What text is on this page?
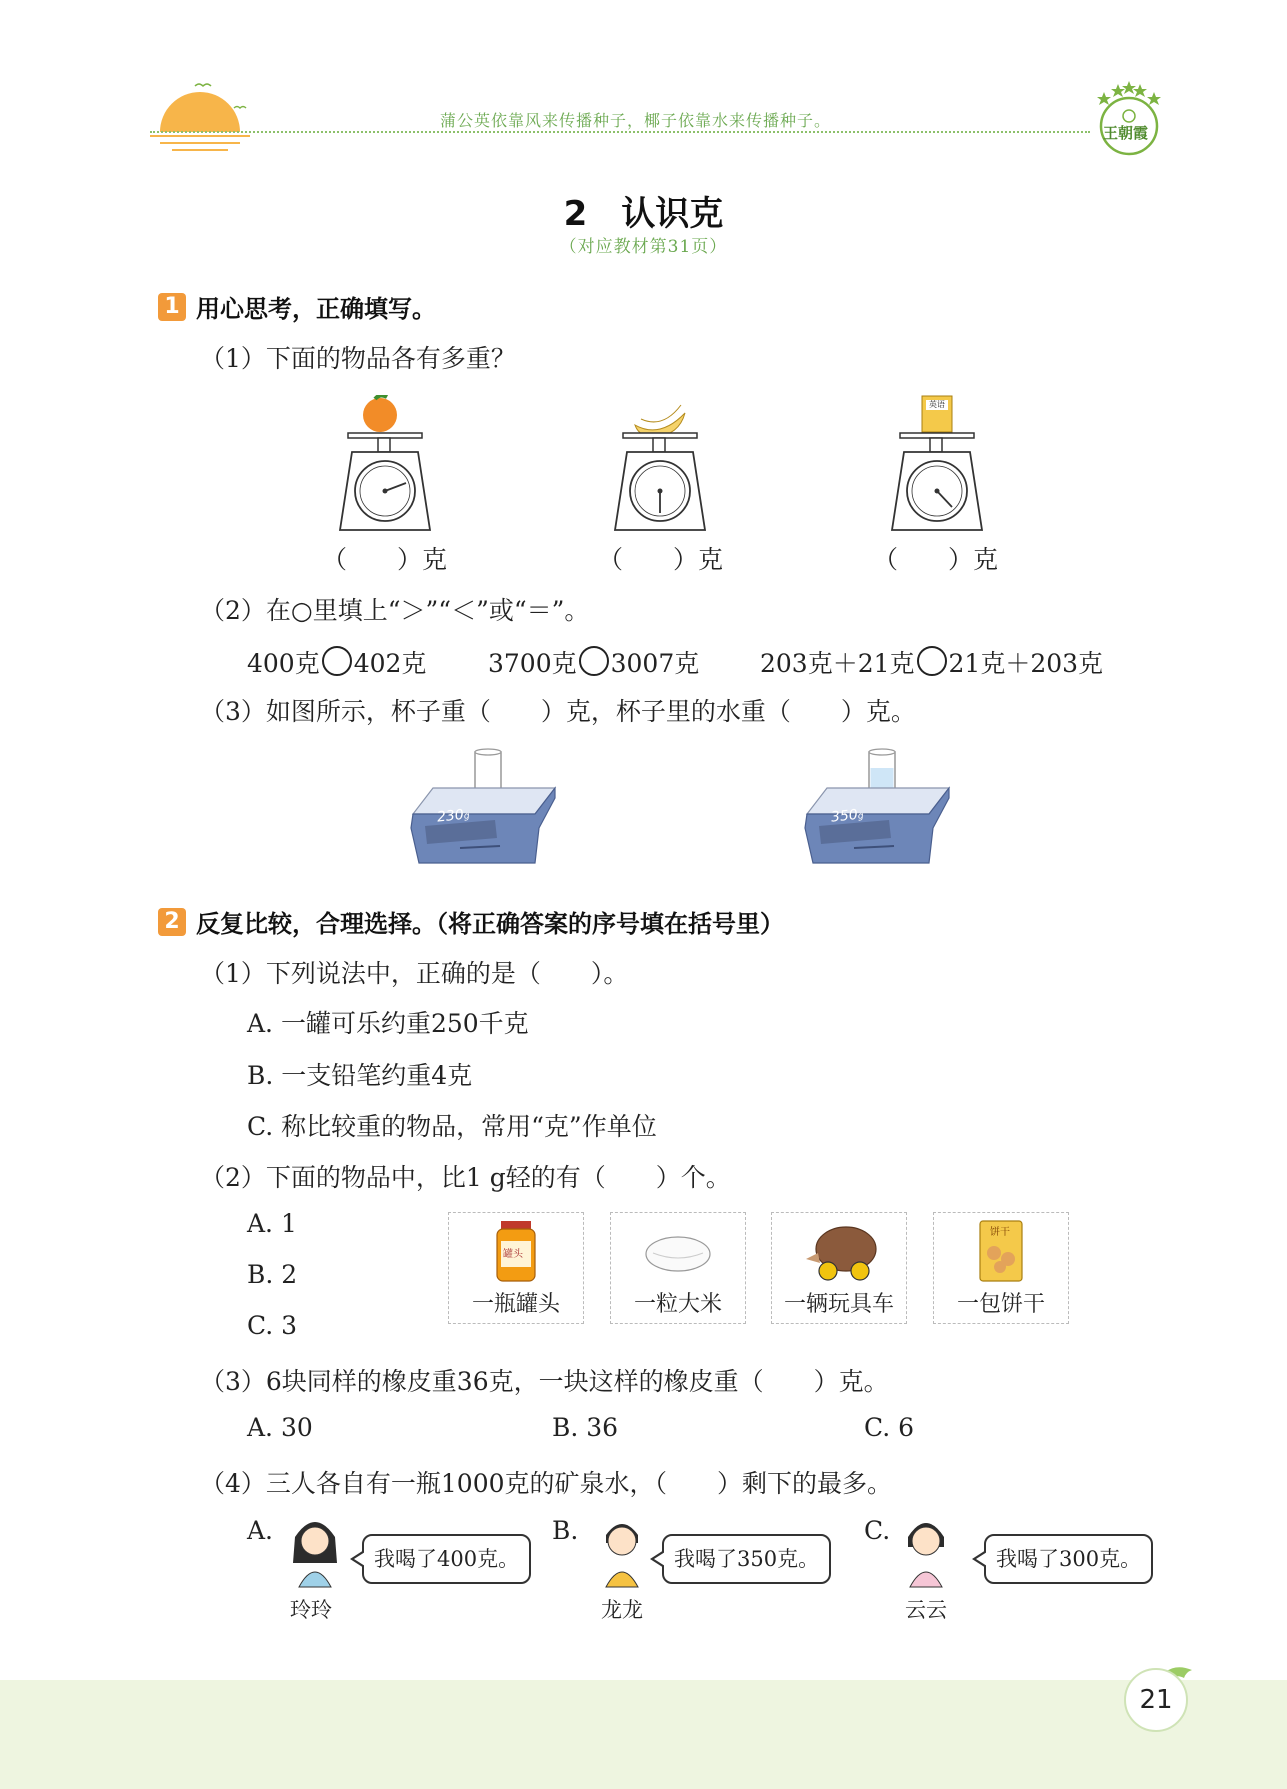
蒲公英依靠风来传播种子，椰子依靠水来传播种子。
王朝霞
2　认识克
（对应教材第31页）
1 用心思考，正确填写。
（1）下面的物品各有多重？
英语
（　　）克	（　　）克	（　　）克
（2）在○里填上“＞”“＜”或“＝”。
400克 402克 3700克 3007克 203克＋21克 21克＋203克
（3）如图所示，杯子重（　　）克，杯子里的水重（　　）克。
230g	350g
2 反复比较，合理选择。（将正确答案的序号填在括号里）
（1）下列说法中，正确的是（　　）。
A. 一罐可乐约重250千克
B. 一支铅笔约重4克
C. 称比较重的物品，常用“克”作单位
（2）下面的物品中，比1 g轻的有（　　）个。
A. 1
B. 2
C. 3
罐头
一瓶罐头	一粒大米	一辆玩具车
饼干
一包饼干
（3）6块同样的橡皮重36克，一块这样的橡皮重（　　）克。
A. 30	B. 36	C. 6
（4）三人各自有一瓶1000克的矿泉水，（　　）剩下的最多。
A.
玲玲
我喝了400克。
B.
龙龙
我喝了350克。
C.
云云
我喝了300克。
21
